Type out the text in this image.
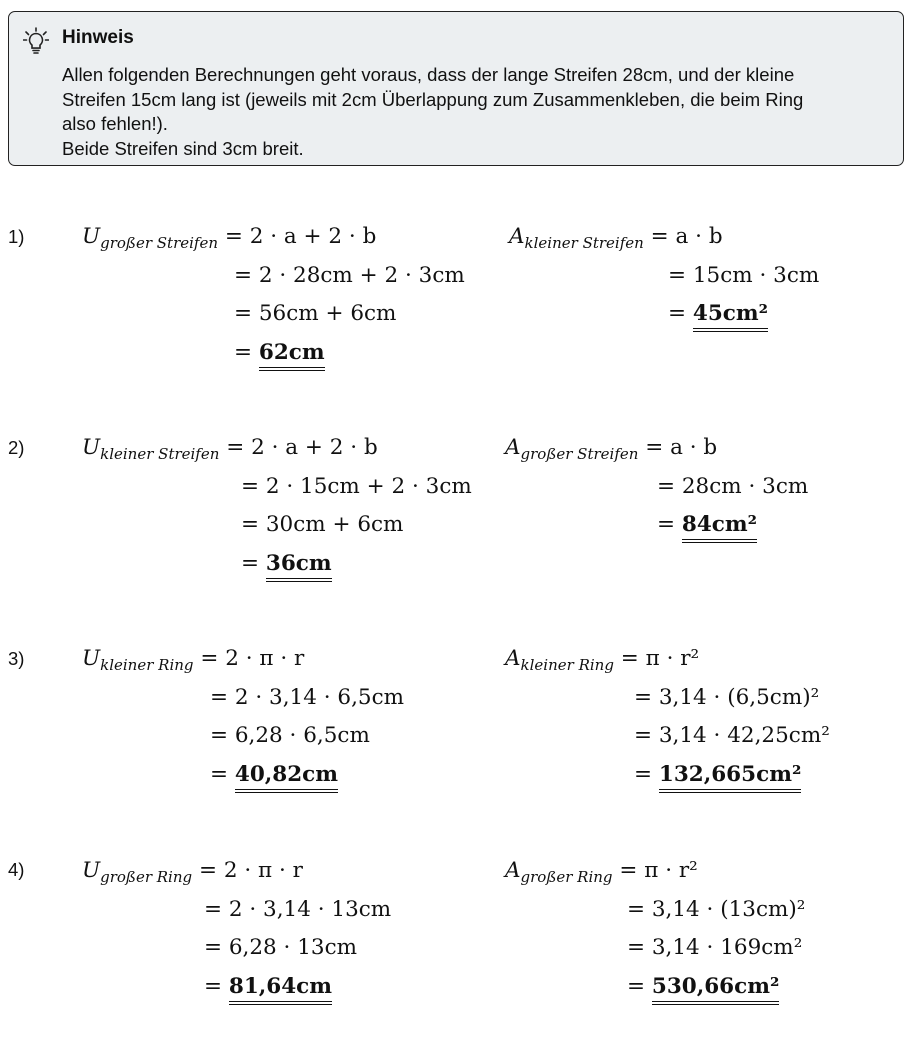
Hinweis
Allen folgenden Berechnungen geht voraus, dass der lange Streifen 28cm, und der kleine
Streifen 15cm lang ist (jeweils mit 2cm Überlappung zum Zusammenkleben, die beim Ring
also fehlen!).
Beide Streifen sind 3cm breit.
1)	$U_{großer Streifen} = 2 \cdot a + 2 \cdot b$
= 2 · 28cm + 2 · 3cm
= 56cm + 6cm
= 62cm
$A_{kleiner Streifen} = a \cdot b$
= 15cm · 3cm
= 45cm²
2)	$U_{kleiner Streifen} = 2 \cdot a + 2 \cdot b$
= 2 · 15cm + 2 · 3cm
= 30cm + 6cm
= 36cm
$A_{großer Streifen} = a \cdot b$
= 28cm · 3cm
= 84cm²
3)	$U_{kleiner Ring} = 2 \cdot \pi \cdot r$
= 2 · 3,14 · 6,5cm
= 6,28 · 6,5cm
= 40,82cm
$A_{kleiner Ring} = \pi \cdot r^2$
= 3,14 · (6,5cm)²
= 3,14 · 42,25cm²
= 132,665cm²
4)	$U_{großer Ring} = 2 \cdot \pi \cdot r$
= 2 · 3,14 · 13cm
= 6,28 · 13cm
= 81,64cm
$A_{großer Ring} = \pi \cdot r^2$
= 3,14 · (13cm)²
= 3,14 · 169cm²
= 530,66cm²
